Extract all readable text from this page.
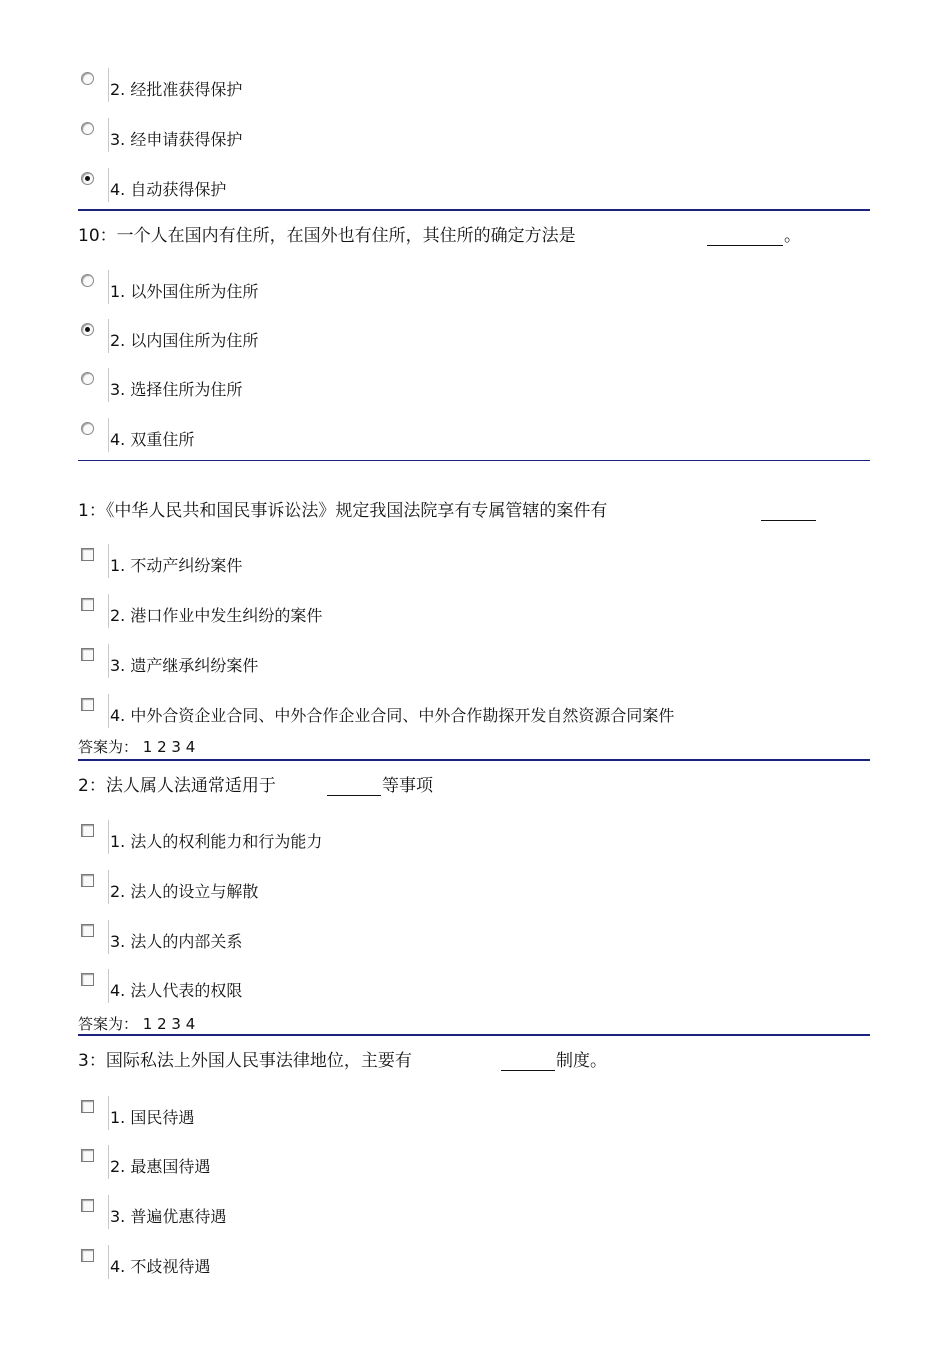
2. 经批准获得保护
3. 经申请获得保护
4. 自动获得保护
10：一个人在国内有住所，在国外也有住所，其住所的确定方法是	。
1. 以外国住所为住所
2. 以内国住所为住所
3. 选择住所为住所
4. 双重住所
1：《中华人民共和国民事诉讼法》规定我国法院享有专属管辖的案件有
1. 不动产纠纷案件
2. 港口作业中发生纠纷的案件
3. 遗产继承纠纷案件
4. 中外合资企业合同、中外合作企业合同、中外合作勘探开发自然资源合同案件
答案为： 1 2 3 4
2：法人属人法通常适用于	等事项
1. 法人的权利能力和行为能力
2. 法人的设立与解散
3. 法人的内部关系
4. 法人代表的权限
答案为： 1 2 3 4
3：国际私法上外国人民事法律地位，主要有	制度。
1. 国民待遇
2. 最惠国待遇
3. 普遍优惠待遇
4. 不歧视待遇
